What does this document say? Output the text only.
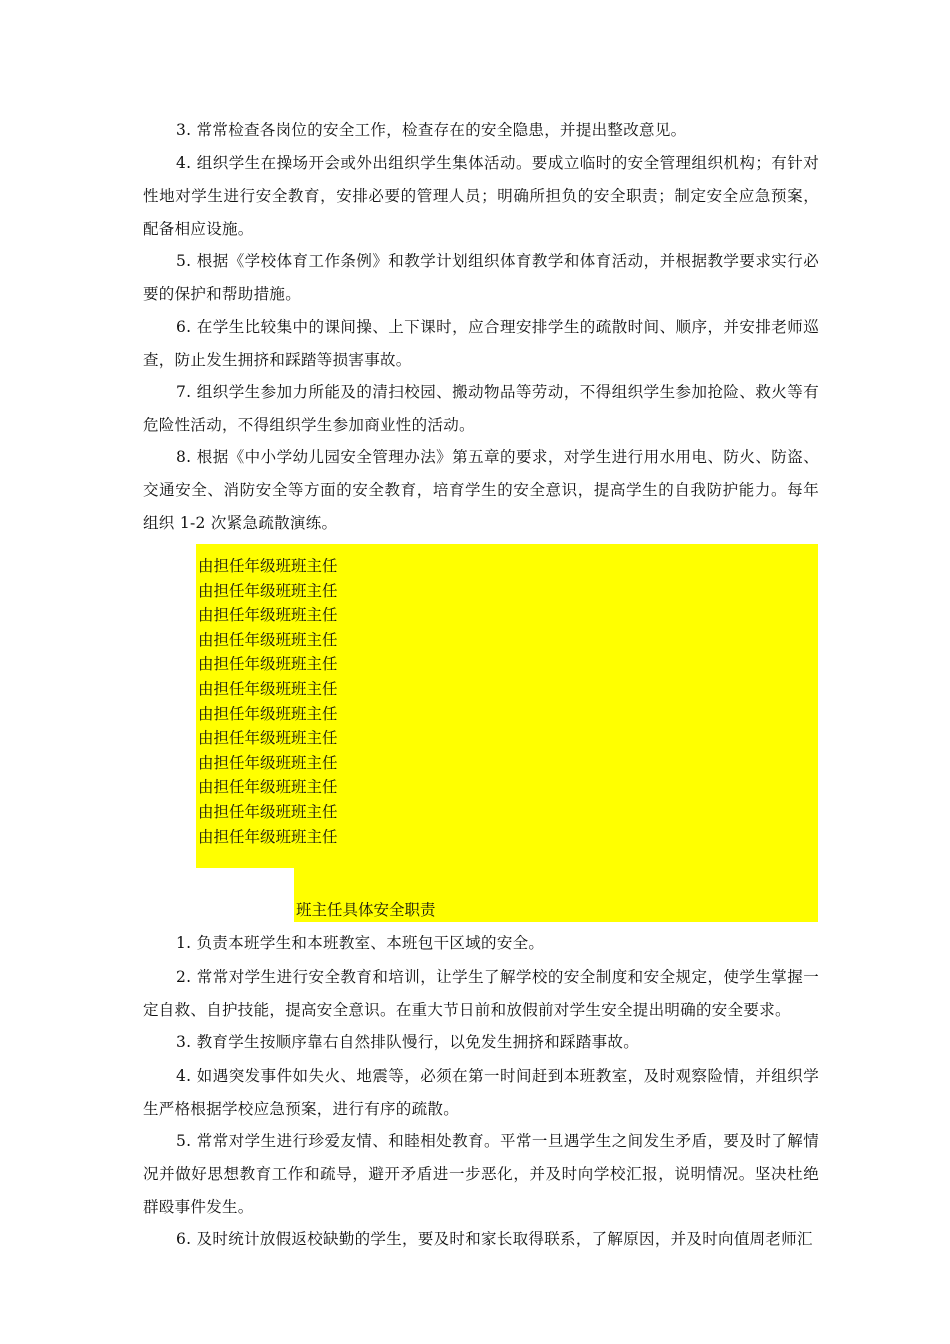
3. 常常检查各岗位的安全工作，检查存在的安全隐患，并提出整改意见。

4. 组织学生在操场开会或外出组织学生集体活动。要成立临时的安全管理组织机构；有针对性地对学生进行安全教育，安排必要的管理人员；明确所担负的安全职责；制定安全应急预案，配备相应设施。

5. 根据《学校体育工作条例》和教学计划组织体育教学和体育活动，并根据教学要求实行必要的保护和帮助措施。

6. 在学生比较集中的课间操、上下课时，应合理安排学生的疏散时间、顺序，并安排老师巡查，防止发生拥挤和踩踏等损害事故。

7. 组织学生参加力所能及的清扫校园、搬动物品等劳动，不得组织学生参加抢险、救火等有危险性活动，不得组织学生参加商业性的活动。

8. 根据《中小学幼儿园安全管理办法》第五章的要求，对学生进行用水用电、防火、防盗、交通安全、消防安全等方面的安全教育，培育学生的安全意识，提高学生的自我防护能力。每年组织 1-2 次紧急疏散演练。

由担任年级班班主任
由担任年级班班主任
由担任年级班班主任
由担任年级班班主任
由担任年级班班主任
由担任年级班班主任
由担任年级班班主任
由担任年级班班主任
由担任年级班班主任
由担任年级班班主任
由担任年级班班主任
由担任年级班班主任

班主任具体安全职责

1. 负责本班学生和本班教室、本班包干区域的安全。

2. 常常对学生进行安全教育和培训，让学生了解学校的安全制度和安全规定，使学生掌握一定自救、自护技能，提高安全意识。在重大节日前和放假前对学生安全提出明确的安全要求。

3. 教育学生按顺序靠右自然排队慢行，以免发生拥挤和踩踏事故。

4. 如遇突发事件如失火、地震等，必须在第一时间赶到本班教室，及时观察险情，并组织学生严格根据学校应急预案，进行有序的疏散。

5. 常常对学生进行珍爱友情、和睦相处教育。平常一旦遇学生之间发生矛盾，要及时了解情况并做好思想教育工作和疏导，避开矛盾进一步恶化，并及时向学校汇报，说明情况。坚决杜绝群殴事件发生。

6. 及时统计放假返校缺勤的学生，要及时和家长取得联系，了解原因，并及时向值周老师汇
